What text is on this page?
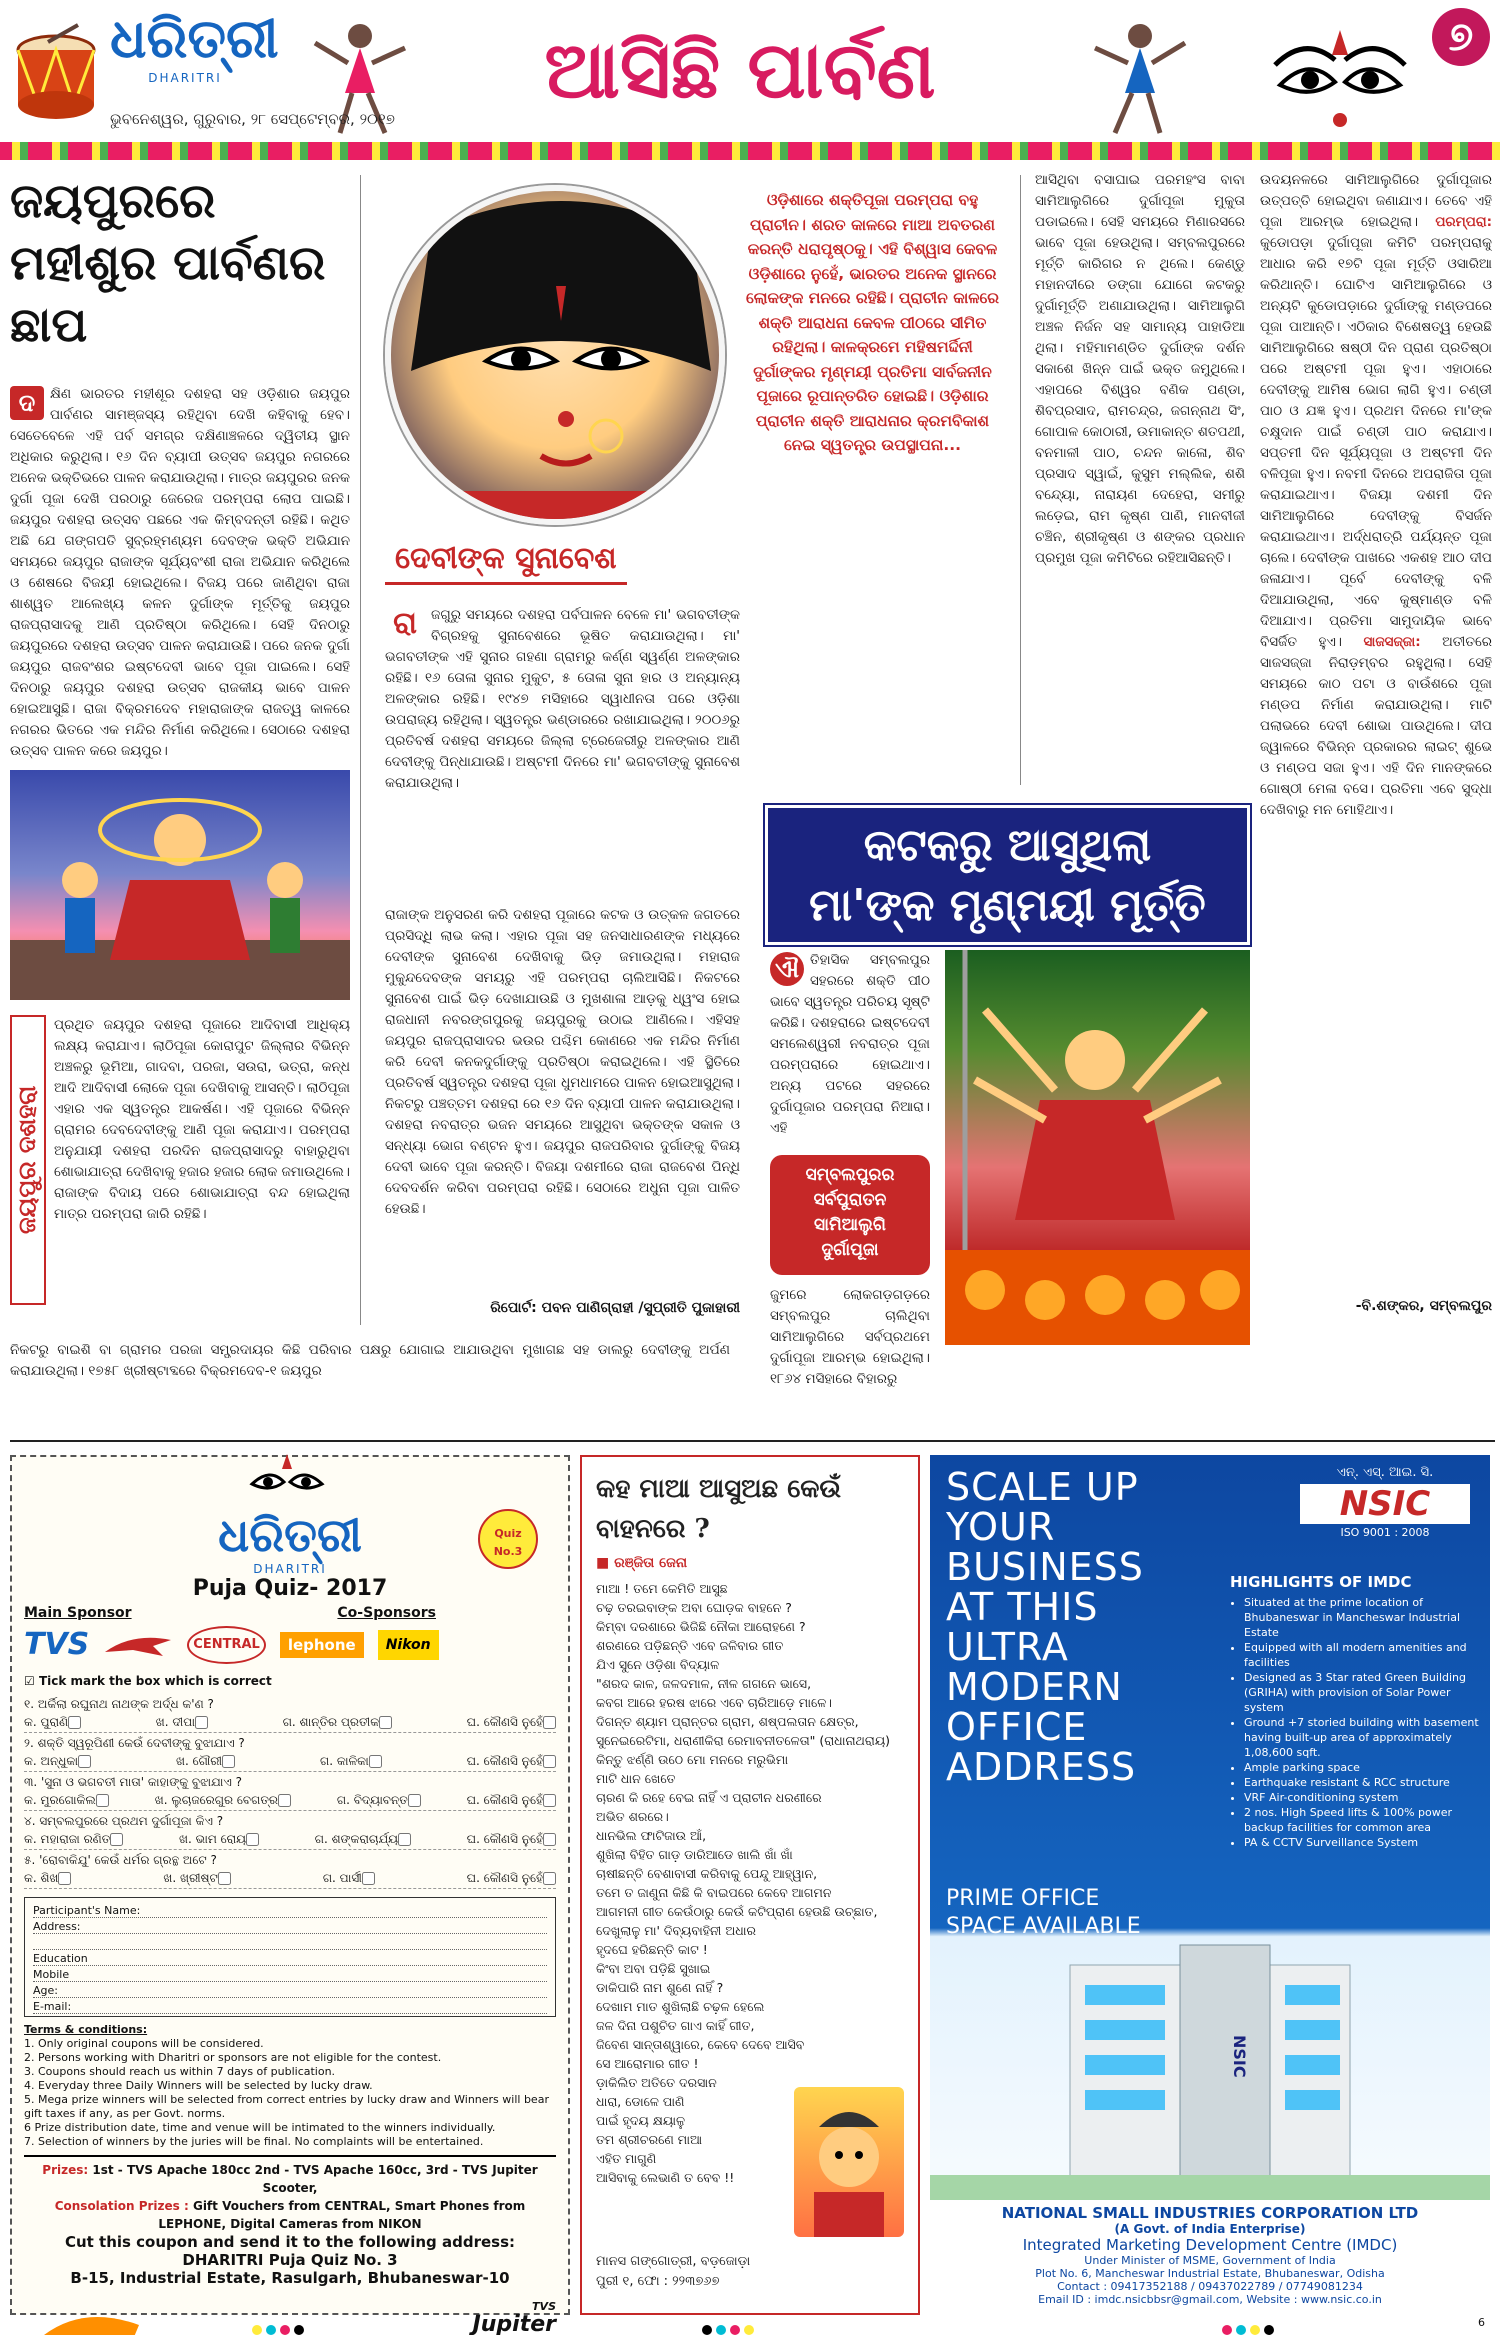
ଧରିତ୍ରୀ
DHARITRI	ଆସିଛି ପାର୍ବଣ	୭
ଭୁବନେଶ୍ୱର, ଗୁରୁବାର, ୨୮ ସେପ୍ଟେମ୍ବର, ୨୦୧୭
ଜୟପୁରରେ ମହୀଶୁର ପାର୍ବଣର ଛାପ
ଦ	କ୍ଷିଣ ଭାରତର ମହୀଶୂର ଦଶହରା ସହ ଓଡ଼ିଶାର ଜୟପୁର ପାର୍ବଣର ସାମଞ୍ଜସ୍ୟ ରହିଥିବା ଦେଖି କହିବାକୁ ହେବ। ସେତେବେଳେ ଏହି ପର୍ବ ସମଗ୍ର ଦକ୍ଷିଣାଞ୍ଚଳରେ ଦ୍ୱିତୀୟ ସ୍ଥାନ ଅଧିକାର କରୁଥିଲା। ୧୬ ଦିନ ବ୍ୟାପୀ ଉତ୍ସବ ଜୟପୁର ନଗରରେ ଅନେକ ଭକ୍ତିଭରେ ପାଳନ କରାଯାଉଥିଲା। ମାତ୍ର ଜୟପୁରର ଜନକ ଦୁର୍ଗା ପୂଜା ଦେଖି ପରଠାରୁ ଜେରେଜ ପରମ୍ପରା ଲୋପ ପାଇଛି। ଜୟପୁର ଦଶହରା ଉତ୍ସବ ପଛରେ ଏକ କିମ୍ବଦନ୍ତୀ ରହିଛି। କଥିତ ଅଛି ଯେ ଗଙ୍ଗପତି ସୁବ୍ରହ୍ମଣ୍ୟମ ଦେବଙ୍କ ଭକ୍ତି ଅଭିଯାନ ସମୟରେ ଜୟପୁର ରାଜାଙ୍କ ସୂର୍ଯ୍ୟବଂଶୀ ରାଜା ଅଭିଯାନ କରିଥିଲେ ଓ ଶେଷରେ ବିଜୟୀ ହୋଇଥିଲେ। ବିଜୟ ପରେ ଜାଣିଥିବା ରାଜା ଶାଶ୍ୱତ ଆଲେଖ୍ୟ କଳନ ଦୁର୍ଗାଙ୍କ ମୂର୍ତ୍ତିକୁ ଜୟପୁର ରାଜପ୍ରାସାଦକୁ ଆଣି ପ୍ରତିଷ୍ଠା କରିଥିଲେ। ସେହି ଦିନଠାରୁ ଜୟପୁରରେ ଦଶହରା ଉତ୍ସବ ପାଳନ କରାଯାଉଛି। ପରେ ଜନକ ଦୁର୍ଗା ଜୟପୁର ରାଜବଂଶର ଇଷ୍ଟଦେବୀ ଭାବେ ପୂଜା ପାଇଲେ। ସେହି ଦିନଠାରୁ ଜୟପୁର ଦଶହରା ଉତ୍ସବ ରାଜକୀୟ ଭାବେ ପାଳନ ହୋଇଆସୁଛି। ରାଜା ବିକ୍ରମଦେବ ମହାରାଜାଙ୍କ ରାଜତ୍ୱ କାଳରେ ନଗରର ଭିତରେ ଏକ ମନ୍ଦିର ନିର୍ମାଣ କରିଥିଲେ। ସେଠାରେ ଦଶହରା ଉତ୍ସବ ପାଳନ କରେ ଜୟପୁର।
ଜୟପୁର ଦଶହରା
ପ୍ରଥିତ ଜୟପୁର ଦଶହରା ପୂଜାରେ ଆଦିବାସୀ ଆଧିକ୍ୟ ଲକ୍ଷ୍ୟ କରାଯାଏ। ଲାଠିପୂଜା କୋରାପୁଟ ଜିଲ୍ଲାର ବିଭିନ୍ନ ଅଞ୍ଚଳରୁ ଭୂମିଆ, ଗାଦବା, ପରଜା, ସଉରା, ଭତ୍ରା, କନ୍ଧ ଆଦି ଆଦିବାସୀ ଲୋକେ ପୂଜା ଦେଖିବାକୁ ଆସନ୍ତି। ଲାଠିପୂଜା ଏହାର ଏକ ସ୍ୱତନ୍ତ୍ର ଆକର୍ଷଣ। ଏହି ପୂଜାରେ ବିଭିନ୍ନ ଗ୍ରାମର ଦେବଦେବୀଙ୍କୁ ଆଣି ପୂଜା କରାଯାଏ। ପରମ୍ପରା ଅନୁଯାୟୀ ଦଶହରା ପରଦିନ ରାଜପ୍ରାସାଦରୁ ବାହାରୁଥିବା ଶୋଭାଯାତ୍ରା ଦେଖିବାକୁ ହଜାର ହଜାର ଲୋକ ଜମାଉଥିଲେ। ରାଜାଙ୍କ ବିଦାୟ ପରେ ଶୋଭାଯାତ୍ରା ବନ୍ଦ ହୋଇଥିଲା ମାତ୍ର ପରମ୍ପରା ଜାରି ରହିଛି।
ନିକଟରୁ ବାଇଶି ବା ଗ୍ରାମର ପରଜା ସମ୍ପ୍ରଦାୟର କିଛି ପରିବାର ପକ୍ଷରୁ ଯୋଗାଇ ଆଯାଉଥିବା ମୁଖାଗଛ ସହ ଡାଲରୁ ଦେବୀଙ୍କୁ ଅର୍ପଣ କରାଯାଉଥିଲା। ୧୭୫୮ ଖ୍ରୀଷ୍ଟାବ୍ଦରେ ବିକ୍ରମଦେବ-୧ ଜୟପୁର
ଓଡ଼ିଶାରେ ଶକ୍ତିପୂଜା ପରମ୍ପରା ବହୁ ପ୍ରାଚୀନ। ଶରତ କାଳରେ ମାଆ ଅବତରଣ କରନ୍ତି ଧରାପୃଷ୍ଠକୁ। ଏହି ବିଶ୍ୱାସ କେବଳ ଓଡ଼ିଶାରେ ନୁହେଁ, ଭାରତର ଅନେକ ସ୍ଥାନରେ ଲୋକଙ୍କ ମନରେ ରହିଛି। ପ୍ରାଚୀନ କାଳରେ ଶକ୍ତି ଆରାଧନା କେବଳ ପୀଠରେ ସୀମିତ ରହିଥିଲା। କାଳକ୍ରମେ ମହିଷମର୍ଦ୍ଦିନୀ ଦୁର୍ଗାଙ୍କର ମୃଣ୍ମୟୀ ପ୍ରତିମା ସାର୍ବଜନୀନ ପୂଜାରେ ରୂପାନ୍ତରିତ ହୋଇଛି। ଓଡ଼ିଶାର ପ୍ରାଚୀନ ଶକ୍ତି ଆରାଧନାର କ୍ରମବିକାଶ ନେଇ ସ୍ୱତନ୍ତ୍ର ଉପସ୍ଥାପନା...
ଦେବୀଙ୍କ ସୁନାବେଶ
ରା	ଜଗୁରୁ ସମୟରେ ଦଶହରା ପର୍ବପାଳନ ବେଳେ ମା' ଭଗବତୀଙ୍କ ବିଗ୍ରହକୁ ସୁନାବେଶରେ ଭୂଷିତ କରାଯାଉଥିଲା। ମା' ଭଗବତୀଙ୍କ ଏହି ସୁନାର ଗହଣା ଗ୍ରାମରୁ କର୍ଣ୍ଣ ସ୍ୱର୍ଣ୍ଣ ଅଳଙ୍କାର ରହିଛି। ୧୬ ତୋଳା ସୁନାର ମୁକୁଟ, ୫ ତୋଳା ସୁନା ହାର ଓ ଅନ୍ୟାନ୍ୟ ଅଳଙ୍କାର ରହିଛି। ୧୯୪୭ ମସିହାରେ ସ୍ୱାଧୀନତା ପରେ ଓଡ଼ିଶା ଉପରାଜ୍ୟ ରହିଥିଲା। ସ୍ୱତନ୍ତ୍ର ଭଣ୍ଡାରରେ ରଖାଯାଇଥିଲା। ୨୦୦୬ରୁ ପ୍ରତିବର୍ଷ ଦଶହରା ସମୟରେ ଜିଲ୍ଲା ଟ୍ରେଜେରୀରୁ ଅଳଙ୍କାର ଆଣି ଦେବୀଙ୍କୁ ପିନ୍ଧାଯାଉଛି। ଅଷ୍ଟମୀ ଦିନରେ ମା' ଭଗବତୀଙ୍କୁ ସୁନାବେଶ କରାଯାଉଥିଲା।
ରାଜାଙ୍କ ଅନୁସରଣ କରି ଦଶହରା ପୂଜାରେ କଟକ ଓ ଉତ୍କଳ ଜଗତରେ ପ୍ରସିଦ୍ଧି ଲାଭ କଲା। ଏହାର ପୂଜା ସହ ଜନସାଧାରଣଙ୍କ ମଧ୍ୟରେ ଦେବୀଙ୍କ ସୁନାବେଶ ଦେଖିବାକୁ ଭିଡ଼ ଜମାଉଥିଲା। ମହାରାଜ ମୁକୁନ୍ଦଦେବଙ୍କ ସମୟରୁ ଏହି ପରମ୍ପରା ଚାଲିଆସିଛି। ନିକଟରେ ସୁନାବେଶ ପାଇଁ ଭିଡ଼ ଦେଖାଯାଉଛି ଓ ମୁଖଶାଳା ଆଡ଼କୁ ଧ୍ୱଂସ ହୋଇ
ରାଜଧାନୀ ନବରଙ୍ଗପୁରକୁ ଜୟପୁରକୁ ଉଠାଇ ଆଣିଲେ। ଏହିସହ ଜୟପୁର ରାଜପ୍ରାସାଦର ଭଉର ପଶ୍ଚିମ କୋଣରେ ଏକ ମନ୍ଦିର ନିର୍ମାଣ କରି ଦେବୀ କନକଦୁର୍ଗାଙ୍କୁ ପ୍ରତିଷ୍ଠା କରାଇଥିଲେ। ଏହି ସ୍ଥିତିରେ ପ୍ରତିବର୍ଷ ସ୍ୱତନ୍ତ୍ର ଦଶହରା ପୂଜା ଧୁମଧାମରେ ପାଳନ ହୋଇଆସୁଥିଲା। ନିକଟରୁ ପଞ୍ଚତ୍ତମ ଦଶହରା ରେ ୧୬ ଦିନ ବ୍ୟାପୀ ପାଳନ କରାଯାଉଥିଲା। ଦଶହରା ନବରାତ୍ର ଭଜନ ସମୟରେ ଆସୁଥିବା ଭକ୍ତଙ୍କ ସକାଳ ଓ ସନ୍ଧ୍ୟା ଭୋଗ ବଣ୍ଟନ ହୁଏ। ଜୟପୁର ରାଜପରିବାର ଦୁର୍ଗାଙ୍କୁ ବିଜୟ ଦେବୀ ଭାବେ ପୂଜା କରନ୍ତି। ବିଜୟା ଦଶମୀରେ ରାଜା ରାଜବେଶ ପିନ୍ଧି ଦେବଦର୍ଶନ କରିବା ପରମ୍ପରା ରହିଛି। ସେଠାରେ ଅଧୁନା ପୂଜା ପାଳିତ ହେଉଛି।
ରିପୋର୍ଟ: ପବନ ପାଣିଗ୍ରାହୀ /ସୁପ୍ରୀତି ପୁଜାହାରୀ
ଆସିଥିବା ବସାଘାଇ ପରମହଂସ ବାବା ସାମିଆଲୁଗିରେ ଦୁର୍ଗାପୂଜା ମୁକୁତା ପଡାଇଲେ। ସେହି ସମୟରେ ମିଣାରସରେ ଭାବେ ପୂଜା ହେଉଥିଲା। ସମ୍ବଲପୁରରେ ମୂର୍ତ୍ତି କାରିଗର ନ ଥିଲେ। କେଣ୍ଡୁ ମହାନଦୀରେ ଡଙ୍ଗା ଯୋଗେ କଟକରୁ ଦୁର୍ଗାମୂର୍ତ୍ତି ଅଣାଯାଉଥିଲା। ସାମିଆଲୁଗି ଅଞ୍ଚଳ ନିର୍ଜନ ସହ ସାମାନ୍ୟ ପାହାଡିଆ ଥିଲା। ମହିମାମଣ୍ଡିତ ଦୁର୍ଗାଙ୍କ ଦର୍ଶନ ସକାଶେ ଖିନ୍ନ ପାଇଁ ଭକ୍ତ ଜମୁଥିଲେ। ଏହାପରେ ବିଶ୍ୱର ବଣିକ ପଣ୍ଡା, ଶିବପ୍ରସାଦ, ରାମଚନ୍ଦ୍ର, ଜଗନ୍ନାଥ ସିଂ, ଗୋପାଳ କୋଠାରୀ, ଉମାକାନ୍ତ ଶତପଥୀ, ବନମାଳୀ ପାଠ, ଚନ୍ଦନ କାଳୋ, ଶିବ ପ୍ରସାଦ ସ୍ୱାଇଁ, କୁସୁମ ମଲ୍ଲିକ, ଶଶି ବନ୍ଦ୍ୟୋ, ନାରାୟଣ ଦେହେରା, ସମୀରୁ ଲଡ଼େଇ, ରାମ କୃଷ୍ଣ ପାଣି, ମାନବୀଜୀ ଚଞ୍ଚିନ, ଶ୍ରୀକୃଷ୍ଣ ଓ ଶଙ୍କର ପ୍ରଧାନ ପ୍ରମୁଖ ପୂଜା କମିଟିରେ ରହିଆସିଛନ୍ତି।
ଉଦୟନଳରେ ସାମିଆଲୁଗିରେ ଦୁର୍ଗାପୂଜାର ଉତ୍ପତ୍ତି ହୋଇଥିବା ଜଣାଯାଏ। ତେବେ ଏହି ପୂଜା ଆରମ୍ଭ ହୋଇଥିଲା। ପରମ୍ପରା: କୁଡୋପଡ଼ା ଦୁର୍ଗାପୂଜା କମିଟି ପରମ୍ପରାକୁ ଆଧାର କରି ୧୭ଟି ପୂଜା ମୂର୍ତ୍ତି ଓସାରିଆ କରିଥାନ୍ତି। ଘୋଟିଏ ସାମିଆଲୁଗିରେ ଓ ଅନ୍ୟଟି କୁଡୋପଡ଼ାରେ ଦୁର୍ଗାଙ୍କୁ ମଣ୍ଡପରେ ପୂଜା ପାଆନ୍ତି। ଏଠିକାର ବିଶେଷତ୍ୱ ହେଉଛି ସାମିଆଲୁଗିରେ ଷଷ୍ଠୀ ଦିନ ପ୍ରାଣ ପ୍ରତିଷ୍ଠା ପରେ ଅଷ୍ଟମୀ ପୂଜା ହୁଏ। ଏହାଠାରେ ଦେବୀଙ୍କୁ ଆମିଷ ଭୋଗ ଲାଗି ହୁଏ। ଚଣ୍ଡୀ ପାଠ ଓ ଯଜ୍ଞ ହୁଏ। ପ୍ରଥମ ଦିନରେ ମା'ଙ୍କ ଚକ୍ଷୁଦାନ ପାଇଁ ଚଣ୍ଡୀ ପାଠ କରାଯାଏ। ସପ୍ତମୀ ଦିନ ସୂର୍ଯ୍ୟପୂଜା ଓ ଅଷ୍ଟମୀ ଦିନ ବଳିପୂଜା ହୁଏ। ନବମୀ ଦିନରେ ଅପରାଜିତା ପୂଜା କରାଯାଇଥାଏ। ବିଜୟା ଦଶମୀ ଦିନ ସାମିଆଲୁଗିରେ ଦେବୀଙ୍କୁ ବିସର୍ଜନ କରାଯାଇଥାଏ। ଅର୍ଦ୍ଧରାତ୍ରି ପର୍ଯ୍ୟନ୍ତ ପୂଜା ଚାଲେ। ଦେବୀଙ୍କ ପାଖରେ ଏକଶହ ଆଠ ଦୀପ ଜଳାଯାଏ। ପୂର୍ବେ ଦେବୀଙ୍କୁ ବଳି ଦିଆଯାଉଥିଲା, ଏବେ କୁଷ୍ମାଣ୍ଡ ବଳି ଦିଆଯାଏ। ପ୍ରତିମା ସାମୁଦାୟିକ ଭାବେ ବିସର୍ଜିତ ହୁଏ। ସାଜସଜ୍ଜା: ଅତୀତରେ ସାଜସଜ୍ଜା ନିରାଡ଼ମ୍ବର ରହୁଥିଲା। ସେହି ସମୟରେ କାଠ ପଟା ଓ ବାଉଁଶରେ ପୂଜା ମଣ୍ଡପ ନିର୍ମାଣ କରାଯାଉଥିଲା। ମାଟି ପଲାଭରେ ଦେବୀ ଶୋଭା ପାଉଥିଲେ। ଦୀପ ଜ୍ୱାଳରେ ବିଭିନ୍ନ ପ୍ରକାରର ଲାଇଟ୍ ଶୁଭେ ଓ ମଣ୍ଡପ ସଜା ହୁଏ। ଏହି ଦିନ ମାନଙ୍କରେ ଗୋଷ୍ଠୀ ମେଳା ବସେ। ପ୍ରତିମା ଏବେ ସୁଦ୍ଧା ଦେଖିବାରୁ ମନ ମୋହିଥାଏ।
-ବି.ଶଙ୍କର, ସମ୍ବଲପୁର
କଟକରୁ ଆସୁଥିଲା
ମା'ଙ୍କ ମୃଣ୍ମୟୀ ମୂର୍ତ୍ତି
ଐ ତିହାସିକ ସମ୍ବଲପୁର ସହରରେ ଶକ୍ତି ପୀଠ ଭାବେ ସ୍ୱତନ୍ତ୍ର ପରିଚୟ ସୃଷ୍ଟି କରିଛି। ଦଶହରାରେ ଇଷ୍ଟଦେବୀ ସମଲେଶ୍ୱରୀ ନବରାତ୍ର ପୂଜା ପରମ୍ପରାରେ ହୋଇଥାଏ। ଅନ୍ୟ ପଟରେ ସହରରେ ଦୁର୍ଗାପୂଜାର ପରମ୍ପରା ନିଆରା। ଏହି
ସମ୍ବଲପୁରର
ସର୍ବପୁରାତନ
ସାମିଆଲୁଗି
ଦୁର୍ଗାପୂଜା
ଜୁମରେ ଲୋକଗଡ଼ଗଡ଼ରେ ସମ୍ବଲପୁର ଚାଲିଥିବା ସାମିଆଲୁଗିରେ ସର୍ବପ୍ରଥମେ ଦୁର୍ଗାପୂଜା ଆରମ୍ଭ ହୋଇଥିଲା। ୧୮୬୪ ମସିହାରେ ବିହାରରୁ
ଧରିତ୍ରୀ
DHARITRI
Quiz No.3
Puja Quiz- 2017
Main Sponsor	Co-Sponsors
TVS	CENTRAL	lephone	Nikon
☑ Tick mark the box which is correct
୧. ଅର୍କିଲା ରଘୁନାଥ ନାଥଙ୍କ ଅର୍ଦ୍ଧ କ'ଣ ?
କ. ପୁରାଣି	ଖ. ଦୀପା	ଗ. ଶାନ୍ତିର ପ୍ରତୀକ	ଘ. କୌଣସି ନୁହେଁ
୨. ଶକ୍ତି ସ୍ୱରୂପିଣୀ କେଉଁ ଦେବୀଙ୍କୁ ବୁଝାଯାଏ ?
କ. ଅନ୍ଧୁକା	ଖ. ଗୌରୀ	ଗ. କାଳିକା	ଘ. କୌଣସି ନୁହେଁ
୩. 'ସୁନା ଓ ଭଗବତୀ ମାତା' କାହାଙ୍କୁ ବୁଝାଯାଏ ?
କ. ମୁରଗୋକିଲ	ଖ. ଲୁଚାଜରେଗୁର ବେଗତ୍ର	ଗ. ବିଦ୍ୟାବନ୍ତ	ଘ. କୌଣସି ନୁହେଁ
୪. ସମ୍ବଲପୁରରେ ପ୍ରଥମ ଦୁର୍ଗାପୂଜା କିଏ ?
କ. ମହାରାଜା ରଣିତ	ଖ. ଭାମ ରୋୟ	ଗ. ଶଙ୍କରାଚାର୍ଯ୍ୟ	ଘ. କୌଣସି ନୁହେଁ
୫. 'ରୋବାକିଯୁ' କେଉଁ ଧର୍ମର ଗ୍ରନ୍ଥ ଅଟେ ?
କ. ଶିଖ	ଖ. ଖ୍ରୀଷ୍ଟ	ଗ. ପାର୍ସୀ	ଘ. କୌଣସି ନୁହେଁ
Participant's Name:
Address:
Education
Mobile
Age:
E-mail:
Terms & conditions:
1. Only original coupons will be considered.
2. Persons working with Dharitri or sponsors are not eligible for the contest.
3. Coupons should reach us within 7 days of publication.
4. Everyday three Daily Winners will be selected by lucky draw.
5. Mega prize winners will be selected from correct entries by lucky draw and Winners will bear gift taxes if any, as per Govt. norms.
6 Prize distribution date, time and venue will be intimated to the winners individually.
7. Selection of winners by the juries will be final. No complaints will be entertained.
Prizes: 1st - TVS Apache 180cc 2nd - TVS Apache 160cc, 3rd - TVS Jupiter Scooter,
Consolation Prizes : Gift Vouchers from CENTRAL, Smart Phones from LEPHONE, Digital Cameras from NIKON
Cut this coupon and send it to the following address:
DHARITRI Puja Quiz No. 3
B-15, Industrial Estate, Rasulgarh, Bhubaneswar-10
TVS
Jupiter
କହ ମାଆ ଆସୁଅଛ କେଉଁ ବାହନରେ ?
■ ରଞ୍ଜିତା ଜେନା
ମାଆ ! ତମେ କେମିତି ଆସୁଛ
ଚଢ଼ ତରଇବାଙ୍କ ଅବା ଘୋଡ଼କ ବାହନେ ?
କିମ୍ବା ଦରଶାରେ ଭିଜିଛି ନୌକା ଆରୋହଣେ ?
ଶରଣରେ ପଡ଼ିଛନ୍ତି ଏବେ ଜଳିବାର ଗୀତ
ଯିଏ ସୁନେ ଓଡ଼ିଶା ବିଦ୍ୟାଳ
"ଶରଦ କାଳ, ଜଳଦମାଳ, ନୀଳ ଗଗନେ ଭାସେ,
କବଗ ଆରେ ହରଷ ଝାରେ ଏବେ ଚାରିଆଡ଼େ ମାଳେ।
ଦିଗନ୍ତ ଶ୍ୟାମ ପ୍ରାନ୍ତର ଗ୍ରାମ, ଶଷ୍ପଲତାନ କ୍ଷେତ୍ର,
ସୁନେଇରେଟିମା, ଧରାଣୀକିରା ରେମାବନୀତଳେତା" (ରାଧାନାଥରାୟ)
କିନ୍ତୁ ଝର୍ଣ୍ଣି ଉଠେ ମୋ ମନରେ ମରୁଭିମା
ମାଟି ଧାନ ଖେତେ
ଚାରଣ କି ରହେ ବେଇ ନାହିଁ ଏ ପ୍ରାଚୀନ ଧରଣୀରେ
ଅଭିତ ଶରରେ।
ଧାନଭିଲ ଫାଟିଜାଉ ଆଁ,
ଶୁଖିଲା ବିହିତ ଗାଡ଼ ଡାରିଆଡେ ଖାଲି ଖାଁ ଖାଁ
ଚାଷୀଛନ୍ତି ବେଶାବାସୀ କରିବାକୁ ପେନ୍ଦୁ ଆହ୍ୱାନ,
ତମେ ତ ଜାଣୁନା କିଛି କି ବାଇପରେ କେବେ ଆଗମନ
ଆଗମନୀ ଗୀତ କେଉଁଠାରୁ କେଉଁ କଟିପ୍ରାଣ ହେଉଛି ଉଚ୍ଛାତ,
ଦେଖୁଲାଳୁ ମା' ଦିବ୍ୟବାହିନୀ ଅଧାର
ହୃଦଘେ ହରିଛନ୍ତି କାଟ !
କିଂବା ଅବା ପଡ଼ିଛି ସୁଖାଇ
ଡାକିପାରି ନାମ ଶୁଣେ ନାହିଁ ?
ଦେଖାମ ମାତ ଶୁଖିଲାଛି ଚଢ଼ଳ ହେଲେ
ଜଳ ଦିନା ପଶୁଚିତ ଗାଏ କାହିଁ ଗୀତ,
ଜିବେଣ ସାନ୍ତାଶ୍ୱାରେ, କେବେ ଦେବେ ଆସିବ
ସେ ଆରୋମାର ଗୀତ !
ଡ଼ାକିଲିତ ଅତିତେ ଦରସାନ
ଧାରା, ଡୋଳେ ପାଣି
ପାଇଁ ହୃଦୟ କ୍ଷୟାଳୁ
ତମ ଶ୍ରୀଚରଣେ ମାଆ
ଏହିତ ମାଗୁଣି
ଆସିବାକୁ ଲେଭାଣି ତ ବେବ !!
ମାନସ ଗଙ୍ଗୋତ୍ରୀ, ବଡ଼ଜୋଡ଼ା
ପୁରୀ ୧, ଫୋ : ୨୨୩୭୬୭
SCALE UP YOUR BUSINESS AT THIS ULTRA MODERN OFFICE ADDRESS
ଏନ୍. ଏସ୍. ଆଇ. ସି.
NSIC
ISO 9001 : 2008
HIGHLIGHTS OF IMDC
• Situated at the prime location of Bhubaneswar in Mancheswar Industrial Estate
• Equipped with all modern amenities and facilities
• Designed as 3 Star rated Green Building (GRIHA) with provision of Solar Power system
• Ground +7 storied building with basement having built-up area of approximately 1,08,600 sqft.
• Ample parking space
• Earthquake resistant & RCC structure
• VRF Air-conditioning system
• 2 nos. High Speed lifts & 100% power backup facilities for common area
• PA & CCTV Surveillance System
PRIME OFFICE SPACE AVAILABLE
NSIC
NATIONAL SMALL INDUSTRIES CORPORATION LTD
(A Govt. of India Enterprise)
Integrated Marketing Development Centre (IMDC)
Under Minister of MSME, Government of India
Plot No. 6, Mancheswar Industrial Estate, Bhubaneswar, Odisha
Contact : 09417352188 / 09437022789 / 07749081234
Email ID : imdc.nsicbbsr@gmail.com, Website : www.nsic.co.in
6
